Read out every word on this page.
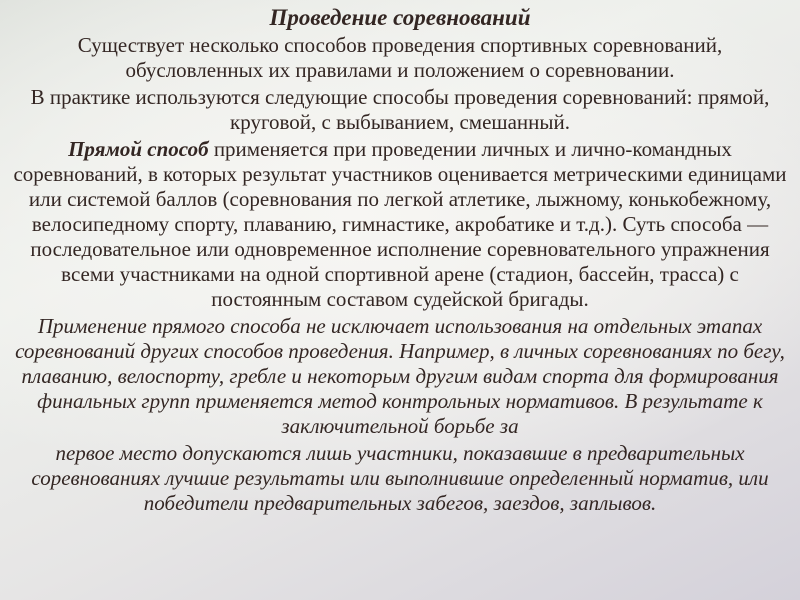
Проведение соревнований

Существует несколько способов проведения спортивных соревнований, обусловленных их правилами и положением о соревновании.

В практике используются следующие способы проведения соревнований: прямой, круговой, с выбыванием, смешанный.

Прямой способ применяется при проведении личных и лично-командных соревнований, в которых результат участников оценивается метрическими единицами или системой баллов (соревнования по легкой атлетике, лыжному, конькобежному, велосипедному спорту, плаванию, гимнастике, акробатике и т.д.). Суть способа — последовательное или одновременное исполнение соревновательного упражнения всеми участниками на одной спортивной арене (стадион, бассейн, трасса) с постоянным составом судейской бригады.

Применение прямого способа не исключает использования на отдельных этапах соревнований других способов проведения. Например, в личных соревнованиях по бегу, плаванию, велоспорту, гребле и некоторым другим видам спорта для формирования финальных групп применяется метод контрольных нормативов. В результате к заключительной борьбе за

первое место допускаются лишь участники, показавшие в предварительных соревнованиях лучшие результаты или выполнившие определенный норматив, или победители предварительных забегов, заездов, заплывов.
